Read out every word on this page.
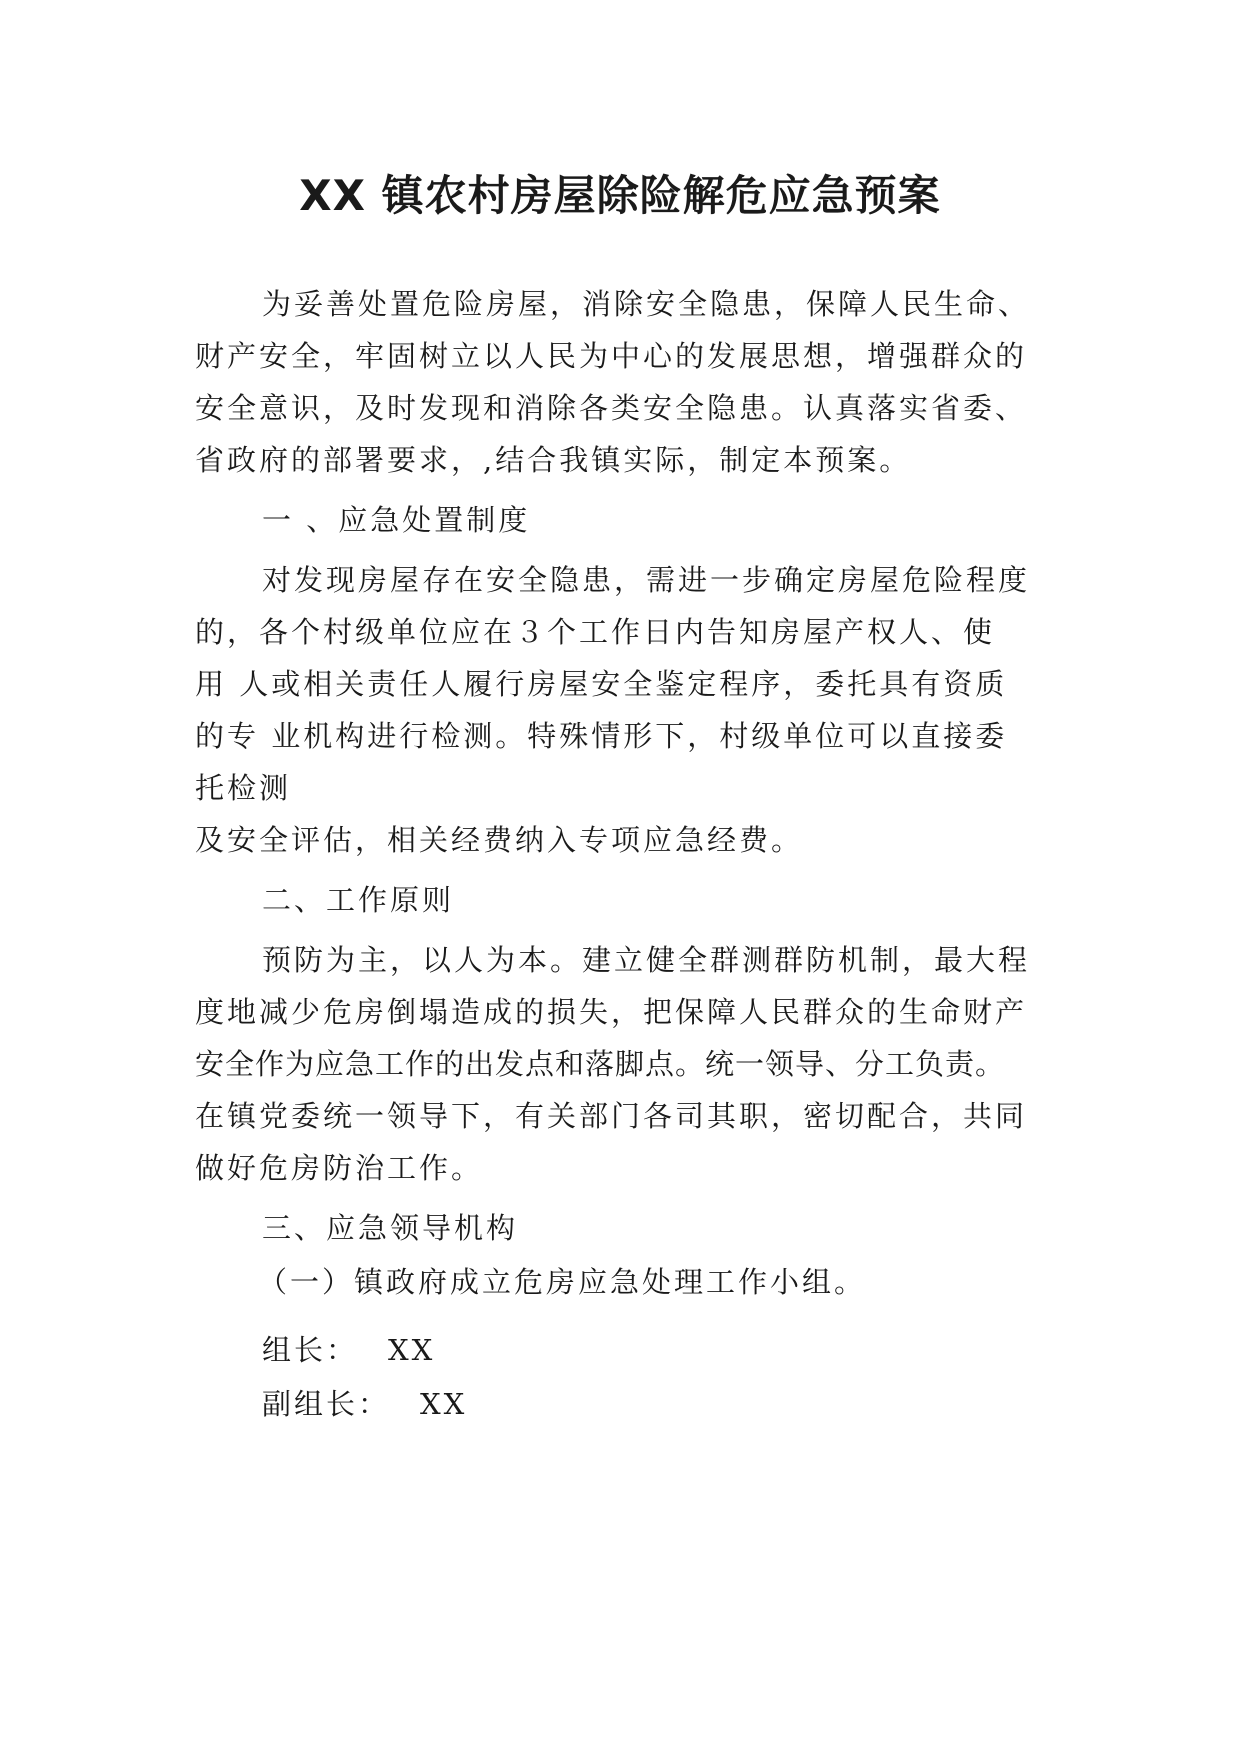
XX 镇农村房屋除险解危应急预案
为妥善处置危险房屋，消除安全隐患，保障人民生命、
财产安全，牢固树立以人民为中心的发展思想，增强群众的
安全意识，及时发现和消除各类安全隐患。认真落实省委、
省政府的部署要求，,结合我镇实际，制定本预案。
一 、应急处置制度
对发现房屋存在安全隐患，需进一步确定房屋危险程度
的，各个村级单位应在３个工作日内告知房屋产权人、使
用 人或相关责任人履行房屋安全鉴定程序，委托具有资质
的专 业机构进行检测。特殊情形下，村级单位可以直接委
托检测
及安全评估，相关经费纳入专项应急经费。
二、工作原则
预防为主，以人为本。建立健全群测群防机制，最大程
度地减少危房倒塌造成的损失，把保障人民群众的生命财产
安全作为应急工作的出发点和落脚点。统一领导、分工负责。
在镇党委统一领导下，有关部门各司其职，密切配合，共同
做好危房防治工作。
三、应急领导机构
（一）镇政府成立危房应急处理工作小组。
组长： XX
副组长： XX
